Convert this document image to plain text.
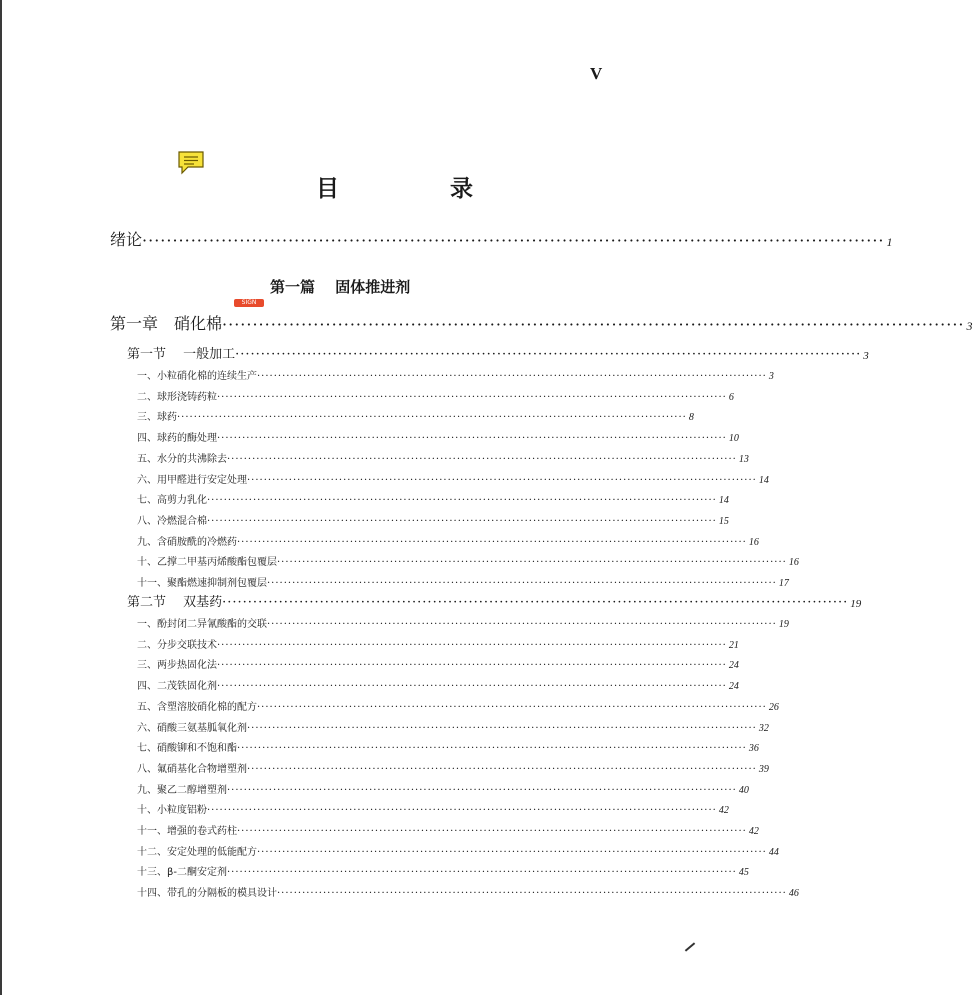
V
目　录
绪论 ·························································································································· 1
第一篇　 固体推进剂
SIGN
第一章　硝化棉 ·························································································································· 3
第一节　 一般加工 ·························································································································· 3
一、小粒硝化棉的连续生产 ·························································································································· 3
二、球形浇铸药粒 ·························································································································· 6
三、球药 ·························································································································· 8
四、球药的酶处理 ·························································································································· 10
五、水分的共沸除去 ·························································································································· 13
六、用甲醛进行安定处理 ·························································································································· 14
七、高剪力乳化 ·························································································································· 14
八、冷燃混合棉 ·························································································································· 15
九、含硝胺酰的冷燃药 ·························································································································· 16
十、乙撑二甲基丙烯酸酯包覆层 ·························································································································· 16
十一、聚酯燃速抑制剂包覆层 ·························································································································· 17
第二节　 双基药 ·························································································································· 19
一、酚封闭二异氰酸酯的交联 ·························································································································· 19
二、分步交联技术 ·························································································································· 21
三、两步热固化法 ·························································································································· 24
四、二茂铁固化剂 ·························································································································· 24
五、含塑溶胶硝化棉的配方 ·························································································································· 26
六、硝酸三氨基胍氧化剂 ·························································································································· 32
七、硝酸铆和不饱和酯 ·························································································································· 36
八、氟硝基化合物增塑剂 ·························································································································· 39
九、聚乙二醇增塑剂 ·························································································································· 40
十、小粒度铝粉 ·························································································································· 42
十一、增强的卷式药柱 ·························································································································· 42
十二、安定处理的低能配方 ·························································································································· 44
十三、β-二酮安定剂 ·························································································································· 45
十四、带孔的分隔板的模具设计 ·························································································································· 46
